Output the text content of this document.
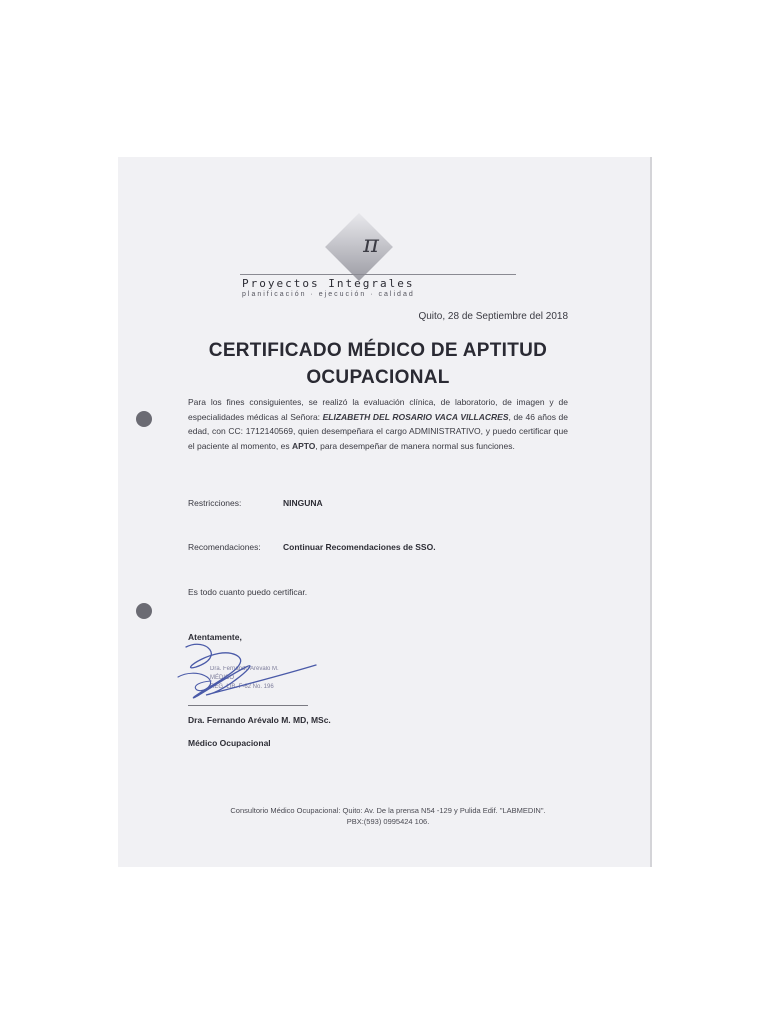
π
Proyectos Integrales
planificación · ejecución · calidad
Quito, 28 de Septiembre del 2018
CERTIFICADO MÉDICO DE APTITUD
OCUPACIONAL
Para los fines consiguientes, se realizó la evaluación clínica, de laboratorio, de imagen y de especialidades médicas al Señora: ELIZABETH DEL ROSARIO VACA VILLACRES, de 46 años de edad, con CC: 1712140569, quien desempeñara el cargo ADMINISTRATIVO, y puedo certificar que el paciente al momento, es APTO, para desempeñar de manera normal sus funciones.
Restricciones:	NINGUNA
Recomendaciones:	Continuar Recomendaciones de SSO.
Es todo cuanto puedo certificar.
Atentamente,
Dra. Fernando Arévalo M.
MÉDICO
REG. LIB. F-62 No. 196
Dra. Fernando Arévalo M. MD, MSc.
Médico Ocupacional
Consultorio Médico Ocupacional: Quito: Av. De la prensa N54 -129 y Pulida Edif. "LABMEDIN".
PBX:(593) 0995424 106.
